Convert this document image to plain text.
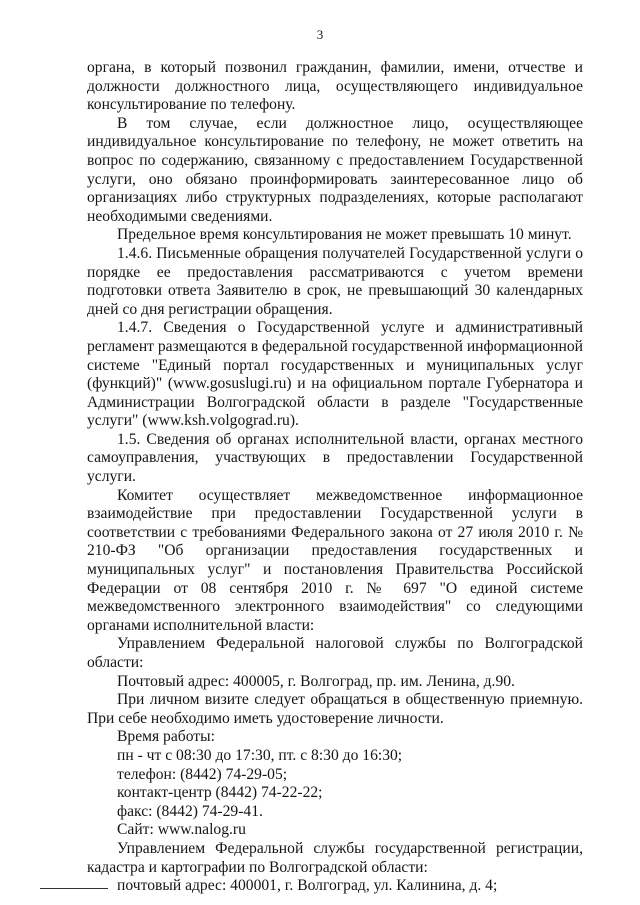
3

органа, в который позвонил гражданин, фамилии, имени, отчестве и должности должностного лица, осуществляющего индивидуальное консультирование по телефону.

В том случае, если должностное лицо, осуществляющее индивидуальное консультирование по телефону, не может ответить на вопрос по содержанию, связанному с предоставлением Государственной услуги, оно обязано проинформировать заинтересованное лицо об организациях либо структурных подразделениях, которые располагают необходимыми сведениями.

Предельное время консультирования не может превышать 10 минут.

1.4.6. Письменные обращения получателей Государственной услуги о порядке ее предоставления рассматриваются с учетом времени подготовки ответа Заявителю в срок, не превышающий 30 календарных дней со дня регистрации обращения.

1.4.7. Сведения о Государственной услуге и административный регламент размещаются в федеральной государственной информационной системе "Единый портал государственных и муниципальных услуг (функций)" (www.gosuslugi.ru) и на официальном портале Губернатора и Администрации Волгоградской области в разделе "Государственные услуги" (www.ksh.volgograd.ru).

1.5. Сведения об органах исполнительной власти, органах местного самоуправления, участвующих в предоставлении Государственной услуги.

Комитет осуществляет межведомственное информационное взаимодействие при предоставлении Государственной услуги в соответствии с требованиями Федерального закона от 27 июля 2010 г. № 210-ФЗ "Об организации предоставления государственных и муниципальных услуг" и постановления Правительства Российской Федерации от 08 сентября 2010 г. № 697 "О единой системе межведомственного электронного взаимодействия" со следующими органами исполнительной власти:

Управлением Федеральной налоговой службы по Волгоградской области:

Почтовый адрес: 400005, г. Волгоград, пр. им. Ленина, д.90.

При личном визите следует обращаться в общественную приемную. При себе необходимо иметь удостоверение личности.

Время работы:

пн - чт с 08:30 до 17:30, пт. с 8:30 до 16:30;

телефон: (8442) 74-29-05;

контакт-центр (8442) 74-22-22;

факс: (8442) 74-29-41.

Сайт: www.nalog.ru

Управлением Федеральной службы государственной регистрации, кадастра и картографии по Волгоградской области:

почтовый адрес: 400001, г. Волгоград, ул. Калинина, д. 4;
